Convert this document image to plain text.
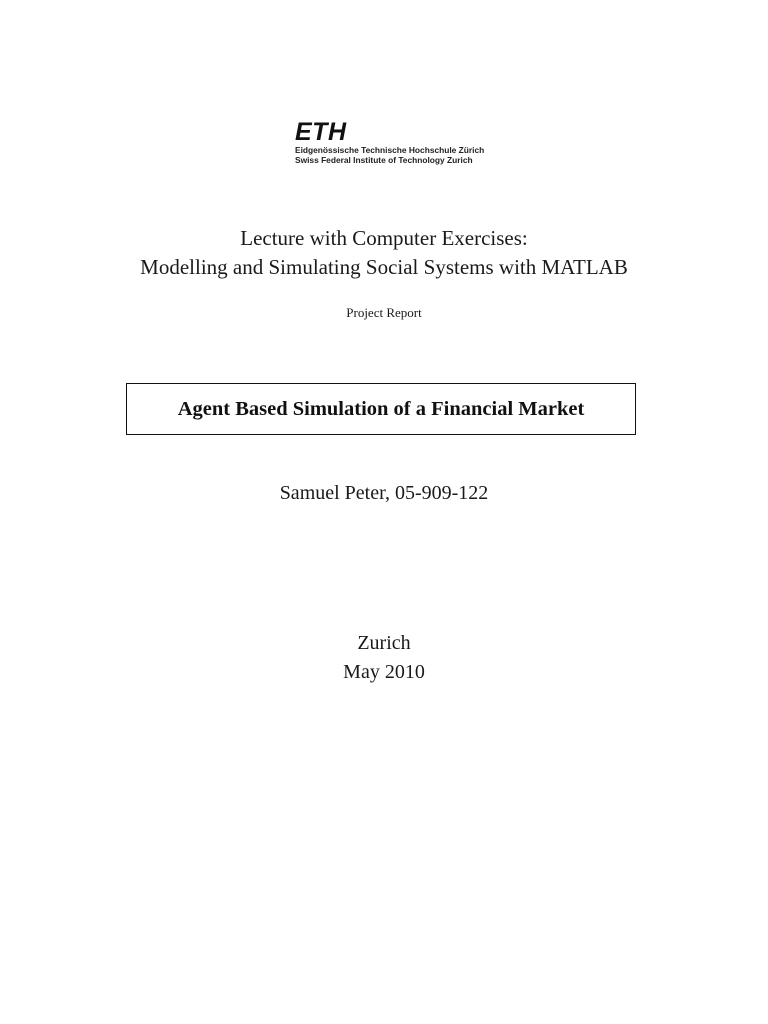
ETH
Eidgenössische Technische Hochschule Zürich
Swiss Federal Institute of Technology Zurich
Lecture with Computer Exercises:
Modelling and Simulating Social Systems with MATLAB
Project Report
Agent Based Simulation of a Financial Market
Samuel Peter, 05-909-122
Zurich
May 2010
